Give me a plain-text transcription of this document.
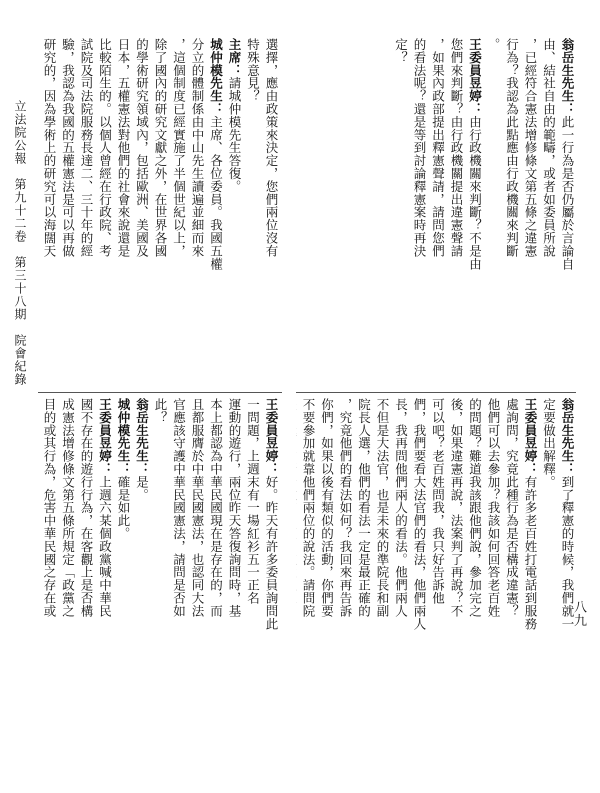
八九
立法院公報　第九十二卷　第三十八期　院會紀錄

翁岳生先生：此一行為是否仍屬於言論自

由、結社自由的範疇，或者如委員所說

，已經符合憲法增修條文第五條之違憲

行為？我認為此點應由行政機關來判斷

。

王委員昱婷：由行政機關來判斷？不是由

您們來判斷？由行政機關提出違憲聲請

，如果內政部提出釋憲聲請，請問您們

的看法呢？還是等到討論釋憲案時再決

定？

翁岳生先生：到了釋憲的時候，我們就一

定要做出解釋。

王委員昱婷：有許多老百姓打電話到服務

處詢問，究竟此種行為是否構成違憲？

他們可以去參加？我該如何回答老百姓

的問題？難道我該跟他們說，參加完之

後，如果違憲再說，法案判了再說？不

可以吧？老百姓問我，我只好告訴他

們，我們要看大法官們的看法，他們兩人

長，我再問他們兩人的看法。他們兩人

不但是大法官，也是未來的準院長和副

院長人選，他們的看法一定是最正確的

，究竟他們的看法如何？我回來再告訴

你們，如果以後有類似的活動，你們要

不要參加就靠他們兩位的說法。請問院

選擇，應由政策來決定，您們兩位沒有

特殊意見？

主席：請城仲模先生答復。

城仲模先生：主席、各位委員。我國五權

分立的體制係由中山先生讀遍並細而來

，這個制度已經實施了半個世紀以上，

除了國內的研究文獻之外，在世界各國

的學術研究領域內，包括歐洲、美國及

日本，五權憲法對他們的社會來說還是

比較陌生的。以個人曾經在行政院、考

試院及司法院服務長達二、三十年的經

驗，我認為我國的五權憲法是可以再做

研究的，因為學術上的研究可以海闊天

王委員昱婷：好。昨天有許多委員詢問此

一問題，上週末有一場紅衫五一正名

運動的遊行，兩位昨天答復詢問時，基

本上都認為中華民國現在是存在的，而

且都服膺於中華民國憲法，也認同大法

官應該守護中華民國憲法，請問是否如

此？

翁岳生先生：是。

城仲模先生：確是如此。

王委員昱婷：上週六某個政黨喊中華民

國不存在的遊行行為，在客觀上是否構

成憲法增修條文第五條所規定「政黨之

目的或其行為，危害中華民國之存在或
